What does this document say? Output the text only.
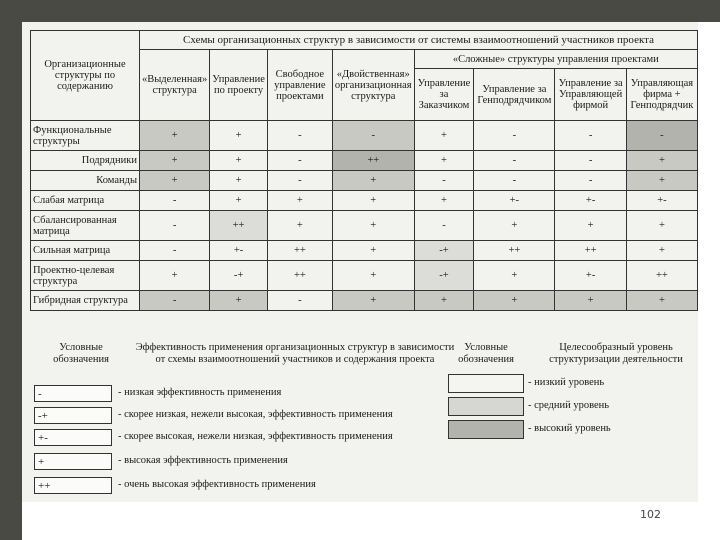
Организационные структуры по содержанию	Схемы организационных структур в зависимости от системы взаимоотношений участников проекта							
	«Выделенная» структура	Управление по проекту	Свободное управление проектами	«Двойственная» организационная структура	«Сложные» структуры управления проектами			
					Управление за Заказчиком	Управление за Генподрядчиком	Управление за Управляющей фирмой	Управляющая фирма + Генподрядчик
Функциональные структуры	+	+	-	-	+	-	-	-
Подрядники	+	+	-	++	+	-	-	+
Команды	+	+	-	+	-	-	-	+
Слабая матрица	-	+	+	+	+	+-	+-	+-
Сбалансированная матрица	-	++	+	+	-	+	+	+
Сильная матрица	-	+-	++	+	-+	++	++	+
Проектно-целевая структура	+	-+	++	+	-+	+	+-	++
Гибридная структура	-	+	-	+	+	+	+	+
Условные обозначения
Эффективность применения организационных структур в зависимости от схемы взаимоотношений участников и содержания проекта
-	- низкая эффективность применения
-+	- скорее низкая, нежели высокая, эффективность применения
+-	- скорее высокая, нежели низкая, эффективность применения
+	- высокая эффективность применения
++	- очень высокая эффективность применения
Условные обозначения
Целесообразный уровень структуризации деятельности
- низкий уровень
- средний уровень
- высокий уровень
102
